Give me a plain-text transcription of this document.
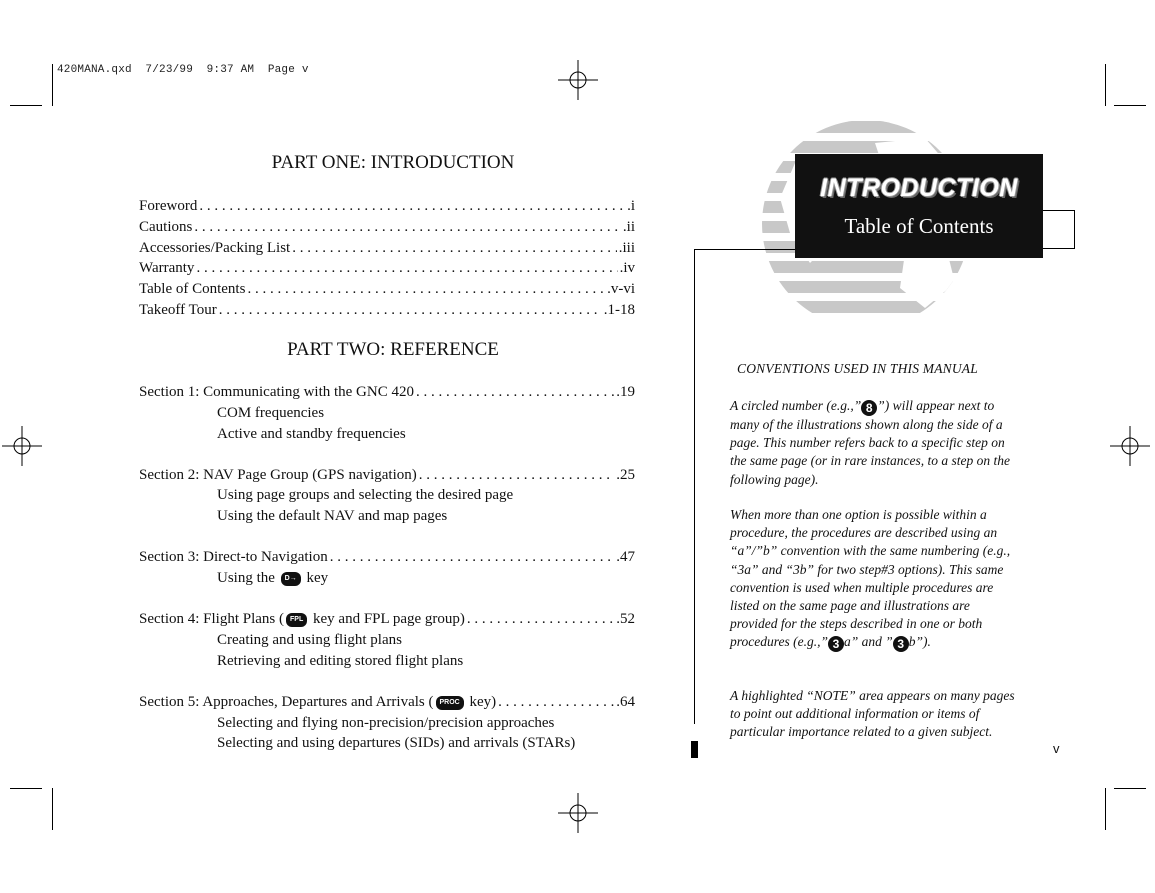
420MANA.qxd  7/23/99  9:37 AM  Page v
PART ONE: INTRODUCTION
Foreword . . .	.i
Cautions . . .	.ii
Accessories/Packing List . . .	.iii
Warranty . . .	.iv
Table of Contents . . .	.v-vi
Takeoff Tour . . .	.1-18
PART TWO: REFERENCE
Section 1: Communicating with the GNC 420 . . .	.19
COM frequencies
Active and standby frequencies
Section 2: NAV Page Group (GPS navigation) . . .	.25
Using page groups and selecting the desired page
Using the default NAV and map pages
Section 3: Direct-to Navigation . . .	.47
Using the D→ key
Section 4: Flight Plans ( FPL key and FPL page group) . . .	.52
Creating and using flight plans
Retrieving and editing stored flight plans
Section 5: Approaches, Departures and Arrivals ( PROC key) . . .	.64
Selecting and flying non-precision/precision approaches
Selecting and using departures (SIDs) and arrivals (STARs)
INTRODUCTION
Table of Contents
CONVENTIONS USED IN THIS MANUAL
A circled number (e.g.,” 8 ”) will appear next to many of the illustrations shown along the side of a page. This number refers back to a specific step on the same page (or in rare instances, to a step on the following page).
When more than one option is possible within a procedure, the procedures are described using an “a”/”b” convention with the same numbering (e.g., “3a” and “3b” for two step#3 options). This same convention is used when multiple procedures are listed on the same page and illustrations are provided for the steps described in one or both procedures (e.g.,” 3 a” and ” 3 b”).
A highlighted “NOTE” area appears on many pages to point out additional information or items of particular importance related to a given subject.
v
